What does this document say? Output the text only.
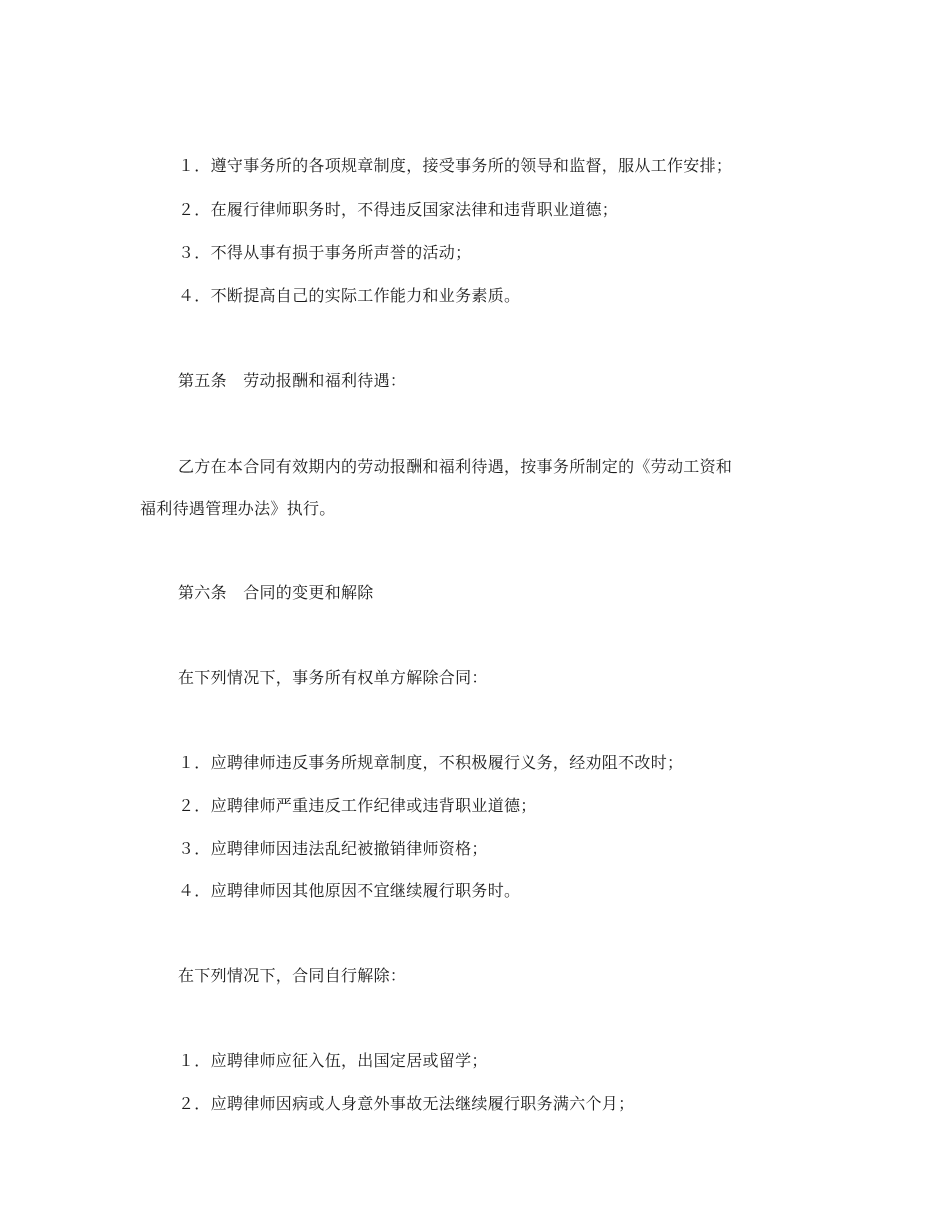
１．遵守事务所的各项规章制度，接受事务所的领导和监督，服从工作安排；
２．在履行律师职务时，不得违反国家法律和违背职业道德；
３．不得从事有损于事务所声誉的活动；
４．不断提高自己的实际工作能力和业务素质。
第五条　劳动报酬和福利待遇：
乙方在本合同有效期内的劳动报酬和福利待遇，按事务所制定的《劳动工资和
福利待遇管理办法》执行。
第六条　合同的变更和解除
在下列情况下，事务所有权单方解除合同：
１．应聘律师违反事务所规章制度，不积极履行义务，经劝阻不改时；
２．应聘律师严重违反工作纪律或违背职业道德；
３．应聘律师因违法乱纪被撤销律师资格；
４．应聘律师因其他原因不宜继续履行职务时。
在下列情况下，合同自行解除：
１．应聘律师应征入伍，出国定居或留学；
２．应聘律师因病或人身意外事故无法继续履行职务满六个月；
